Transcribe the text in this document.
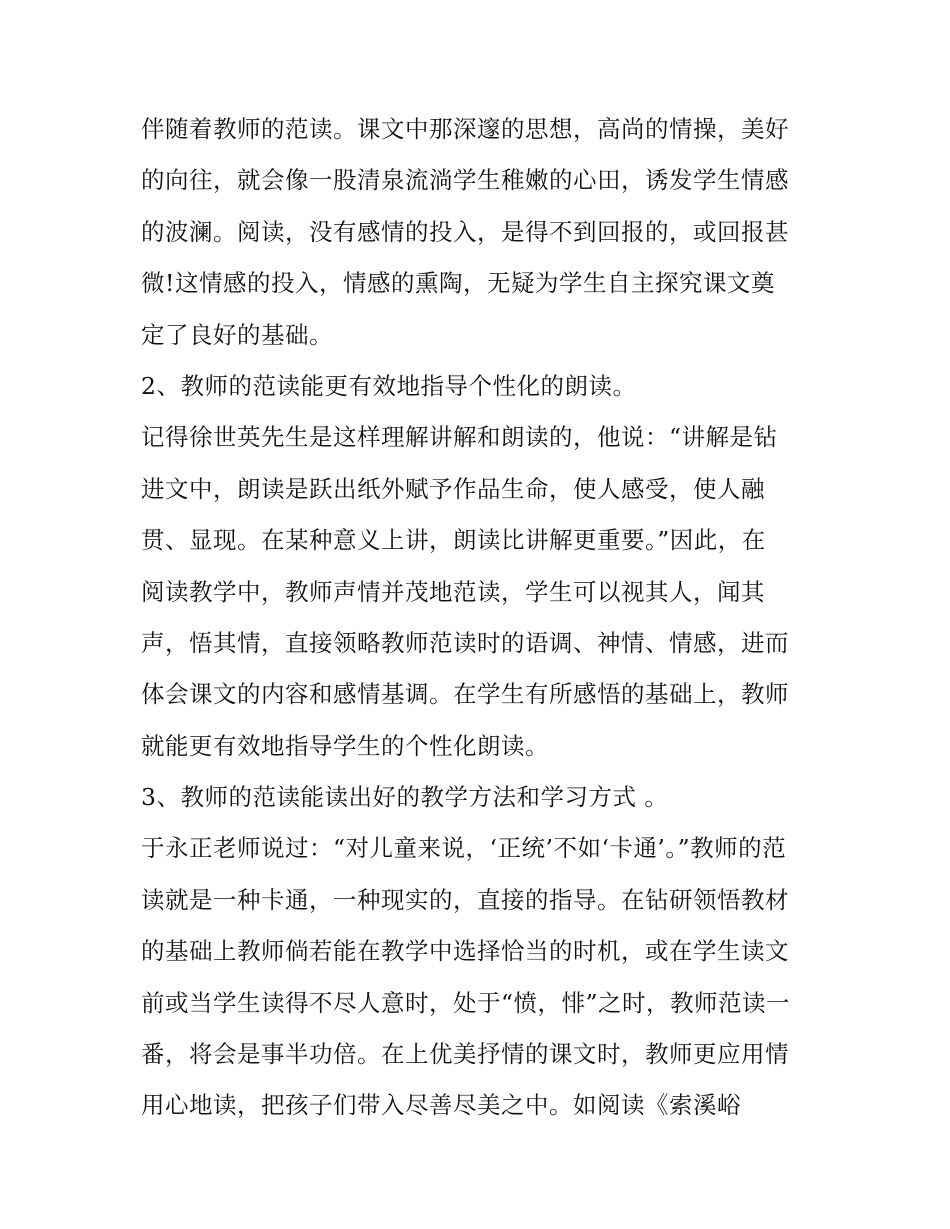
伴随着教师的范读。课文中那深邃的思想，高尚的情操，美好
的向往，就会像一股清泉流淌学生稚嫩的心田，诱发学生情感
的波澜。阅读，没有感情的投入，是得不到回报的，或回报甚
微!这情感的投入，情感的熏陶，无疑为学生自主探究课文奠
定了良好的基础。
2、教师的范读能更有效地指导个性化的朗读。
记得徐世英先生是这样理解讲解和朗读的，他说：“讲解是钻
进文中，朗读是跃出纸外赋予作品生命，使人感受，使人融
贯、显现。在某种意义上讲，朗读比讲解更重要。”因此，在
阅读教学中，教师声情并茂地范读，学生可以视其人，闻其
声，悟其情，直接领略教师范读时的语调、神情、情感，进而
体会课文的内容和感情基调。在学生有所感悟的基础上，教师
就能更有效地指导学生的个性化朗读。
3、教师的范读能读出好的教学方法和学习方式 。
于永正老师说过：“对儿童来说，‘正统’不如‘卡通’。”教师的范
读就是一种卡通，一种现实的，直接的指导。在钻研领悟教材
的基础上教师倘若能在教学中选择恰当的时机，或在学生读文
前或当学生读得不尽人意时，处于“愤，悱”之时，教师范读一
番，将会是事半功倍。在上优美抒情的课文时，教师更应用情
用心地读，把孩子们带入尽善尽美之中。如阅读《索溪峪
